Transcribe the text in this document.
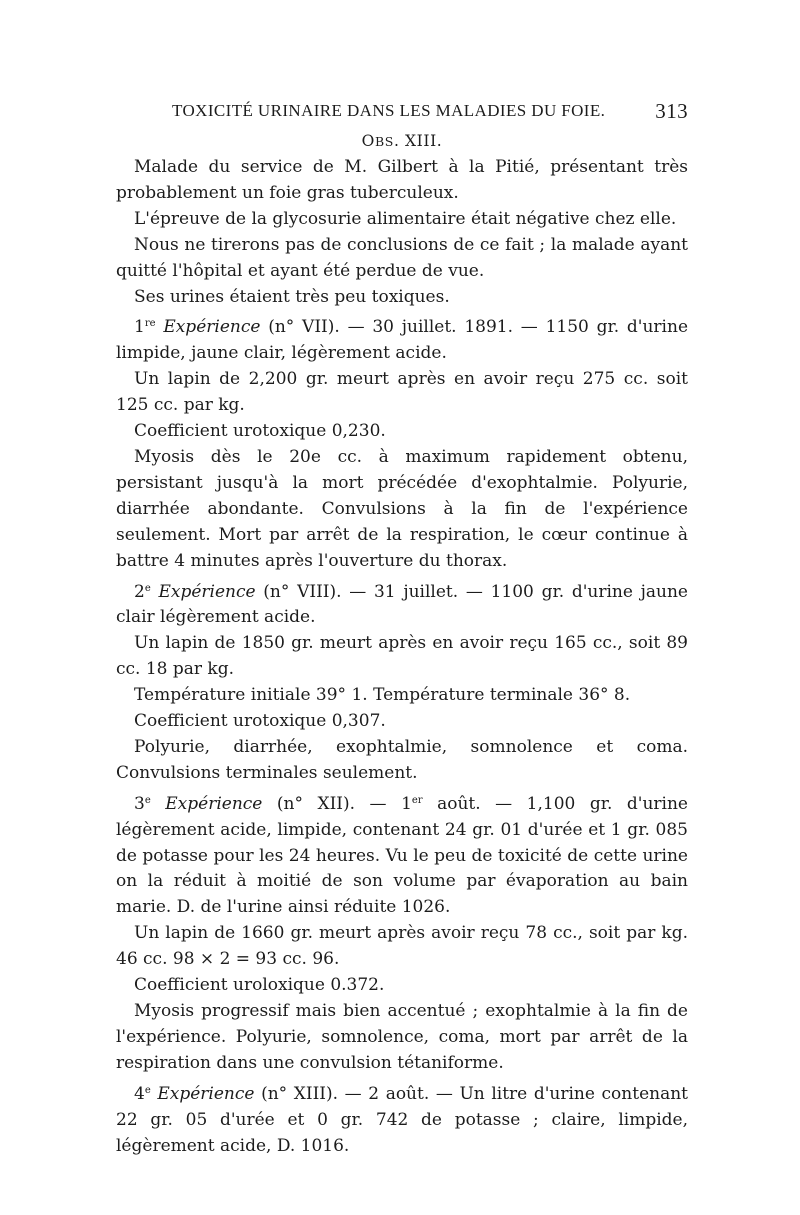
TOXICITÉ URINAIRE DANS LES MALADIES DU FOIE. 313
OBS. XIII.

Malade du service de M. Gilbert à la Pitié, présentant très probablement un foie gras tuberculeux.

L'épreuve de la glycosurie alimentaire était négative chez elle.

Nous ne tirerons pas de conclusions de ce fait ; la malade ayant quitté l'hôpital et ayant été perdue de vue.

Ses urines étaient très peu toxiques.

1re Expérience (n° VII). — 30 juillet. 1891. — 1150 gr. d'urine limpide, jaune clair, légèrement acide.

Un lapin de 2,200 gr. meurt après en avoir reçu 275 cc. soit 125 cc. par kg.

Coefficient urotoxique 0,230.

Myosis dès le 20e cc. à maximum rapidement obtenu, persistant jusqu'à la mort précédée d'exophtalmie. Polyurie, diarrhée abondante. Convulsions à la fin de l'expérience seulement. Mort par arrêt de la respiration, le cœur continue à battre 4 minutes après l'ouverture du thorax.

2e Expérience (n° VIII). — 31 juillet. — 1100 gr. d'urine jaune clair légèrement acide.

Un lapin de 1850 gr. meurt après en avoir reçu 165 cc., soit 89 cc. 18 par kg.

Température initiale 39° 1. Température terminale 36° 8.

Coefficient urotoxique 0,307.

Polyurie, diarrhée, exophtalmie, somnolence et coma. Convulsions terminales seulement.

3e Expérience (n° XII). — 1er août. — 1,100 gr. d'urine légèrement acide, limpide, contenant 24 gr. 01 d'urée et 1 gr. 085 de potasse pour les 24 heures. Vu le peu de toxicité de cette urine on la réduit à moitié de son volume par évaporation au bain marie. D. de l'urine ainsi réduite 1026.

Un lapin de 1660 gr. meurt après avoir reçu 78 cc., soit par kg. 46 cc. 98 × 2 = 93 cc. 96.

Coefficient uroloxique 0.372.

Myosis progressif mais bien accentué ; exophtalmie à la fin de l'expérience. Polyurie, somnolence, coma, mort par arrêt de la respiration dans une convulsion tétaniforme.

4e Expérience (n° XIII). — 2 août. — Un litre d'urine contenant 22 gr. 05 d'urée et 0 gr. 742 de potasse ; claire, limpide, légèrement acide, D. 1016.
